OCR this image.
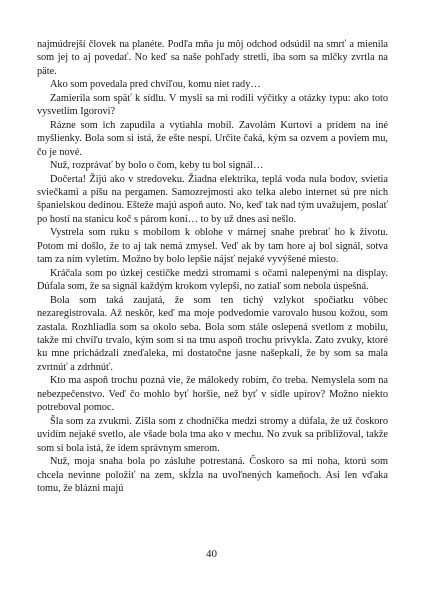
najmúdrejší človek na planéte. Podľa mňa ju môj odchod odsúdil na smrť a mienila som jej to aj povedať. No keď sa naše pohľady stretli, iba som sa mlčky zvrtla na päte.

Ako som povedala pred chvíľou, komu niet rady…

Zamierila som späť k sídlu. V mysli sa mi rodili výčitky a otázky typu: ako toto vysvetlím Igorovi?

Rázne som ich zapudila a vytiahla mobil. Zavolám Kurtovi a prídem na iné myšlienky. Bola som si istá, že ešte nespí. Určite čaká, kým sa ozvem a poviem mu, čo je nové.

Nuž, rozprávať by bolo o čom, keby tu bol signál…

Dočerta! Žijú ako v stredoveku. Žiadna elektrika, teplá voda nula bodov, svietia sviečkami a píšu na pergamen. Samozrejmosti ako telka alebo internet sú pre nich španielskou dedinou. Ešteže majú aspoň auto. No, keď tak nad tým uvažujem, poslať po hostí na stanicu koč s párom koní… to by už dnes asi nešlo.

Vystrela som ruku s mobilom k oblohe v márnej snahe prebrať ho k životu. Potom mi došlo, že to aj tak nemá zmysel. Veď ak by tam hore aj bol signál, sotva tam za ním vyletím. Možno by bolo lepšie nájsť nejaké vyvýšené miesto.

Kráčala som po úzkej cestičke medzi stromami s očami nalepenými na display. Dúfala som, že sa signál každým krokom vylepší, no zatiaľ som nebola úspešná.

Bola som taká zaujatá, že som ten tichý vzlykot spočiatku vôbec nezaregistrovala. Až neskôr, keď ma moje podvedomie varovalo husou kožou, som zastala. Rozhliadla som sa okolo seba. Bola som stále oslepená svetlom z mobilu, takže mi chvíľu trvalo, kým som si na tmu aspoň trochu privykla. Zato zvuky, ktoré ku mne prichádzali zneďaleka, mi dostatočne jasne našepkali, že by som sa mala zvrtnúť a zdrhnúť.

Kto ma aspoň trochu pozná vie, že málokedy robím, čo treba. Nemyslela som na nebezpečenstvo. Veď čo mohlo byť horšie, než byť v sídle upírov? Možno niekto potreboval pomoc.

Šla som za zvukmi. Zišla som z chodníčka medzi stromy a dúfala, že už čoskoro uvidím nejaké svetlo, ale všade bola tma ako v mechu. No zvuk sa približoval, takže som si bola istá, že idem správnym smerom.

Nuž, moja snaha bola po zásluhe potrestaná. Čoskoro sa mi noha, ktorú som chcela nevinne položiť na zem, skĺzla na uvoľnených kameňoch. Asi len vďaka tomu, že blázni majú

40
